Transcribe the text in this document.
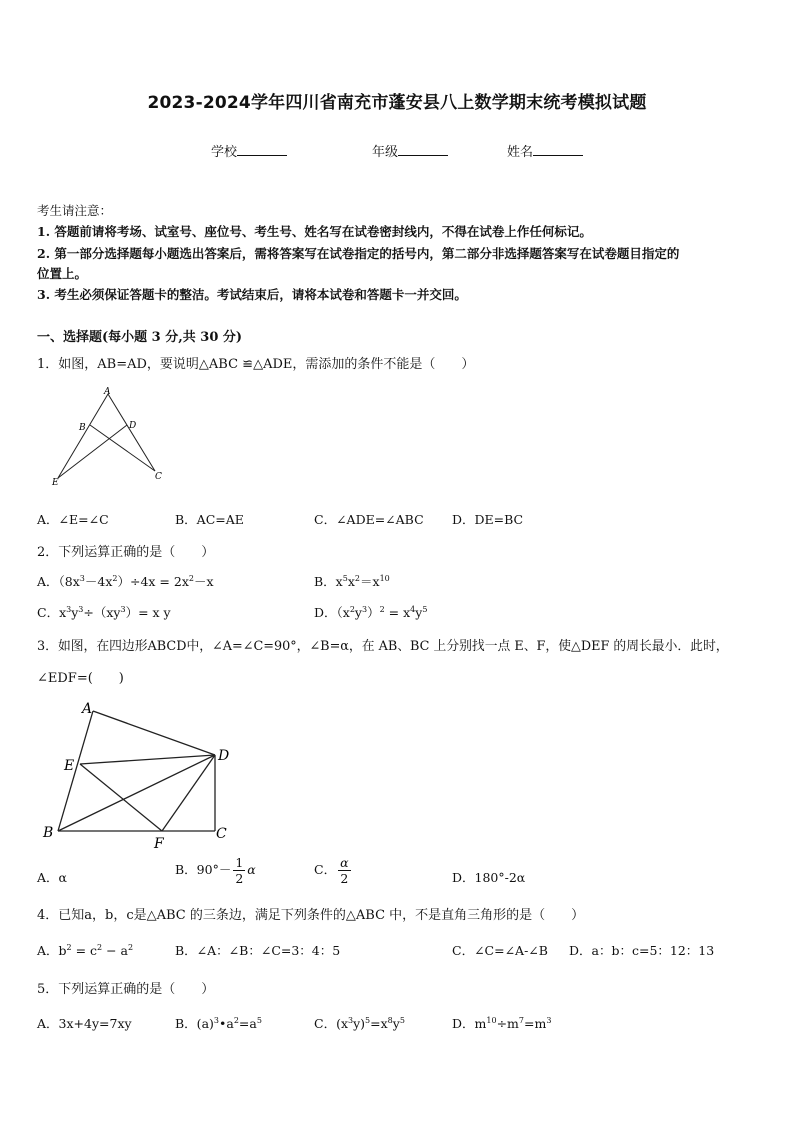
2023-2024学年四川省南充市蓬安县八上数学期末统考模拟试题
学校	年级	姓名
考生请注意：
1. 答题前请将考场、试室号、座位号、考生号、姓名写在试卷密封线内，不得在试卷上作任何标记。
2. 第一部分选择题每小题选出答案后，需将答案写在试卷指定的括号内，第二部分非选择题答案写在试卷题目指定的
位置上。
3. 考生必须保证答题卡的整洁。考试结束后，请将本试卷和答题卡一并交回。
一、选择题(每小题 3 分,共 30 分)
1．如图，AB=AD，要说明△ABC ≌△ADE，需添加的条件不能是（　　）
A
B	D
C
E
A．∠E=∠C	B．AC=AE	C．∠ADE=∠ABC D．DE=BC
2．下列运算正确的是（　　）
A．$(8x^3-4x^2)\div 4x = 2x^2-x$	B．$x^5x^2=x^{10}$
C．$x^3y^3\div(xy^3)= x$ y	D．$(x^2y^3)^2 = x^4y^5$
3．如图，在四边形ABCD中，∠A=∠C=90°，∠B=α，在 AB、BC 上分别找一点 E、F，使△DEF 的周长最小．此时，
∠EDF=(　　)
A
E
D
B
F
C
A．α
B．$90^\circ- \frac{1}{2}$ α	C． $\frac{\alpha}{2}$	D．180°-2α
4．已知a，b，c是△ABC 的三条边，满足下列条件的△ABC 中，不是直角三角形的是（　　）
A．$b^2 = c^2 - a^2$	B．∠A：∠B：∠C=3：4：5	C．∠C=∠A-∠B D．a：b：c=5：12：13
5．下列运算正确的是（　　）
A．3x+4y=7xy	B．$(a)^3•a^2=a^5$	C．$(x^3y)^5=x^8y^5$	D．$m^{10}\div m^7=m^3$
